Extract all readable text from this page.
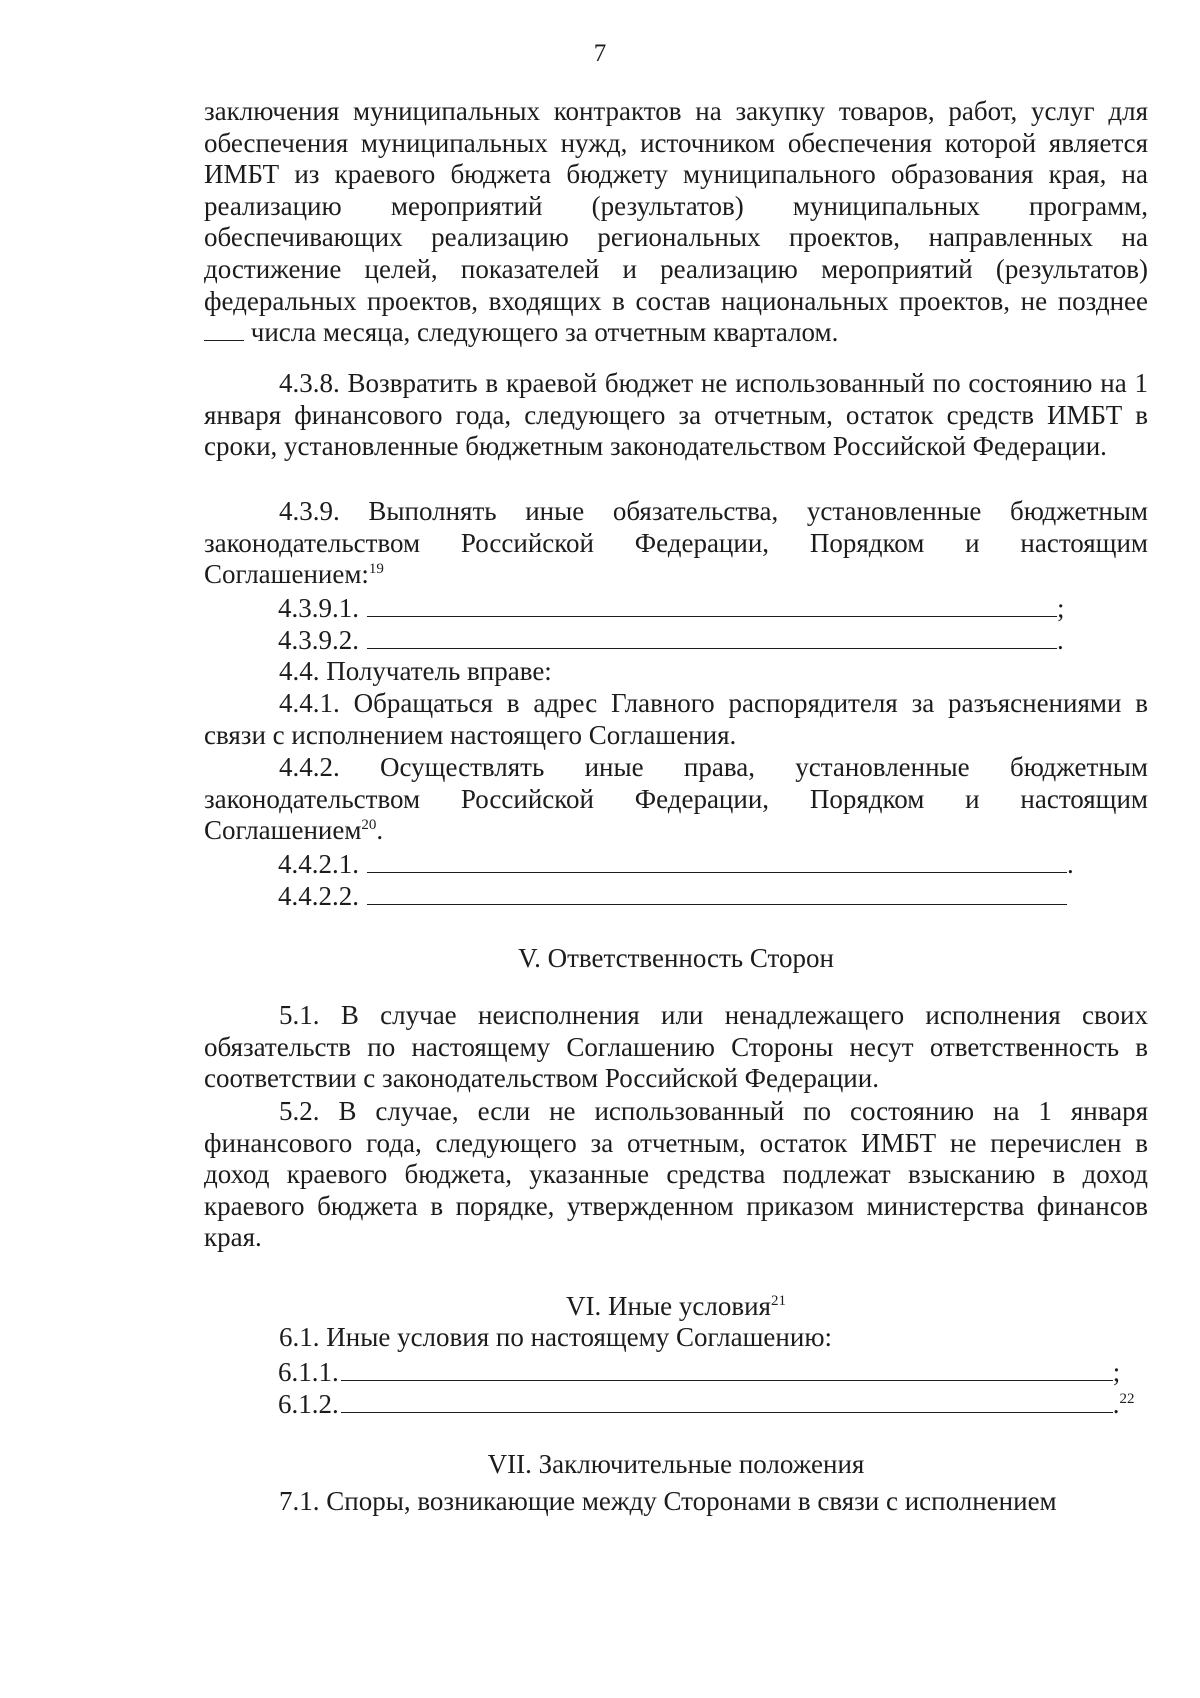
7

заключения муниципальных контрактов на закупку товаров, работ, услуг для обеспечения муниципальных нужд, источником обеспечения которой является ИМБТ из краевого бюджета бюджету муниципального образования края, на реализацию мероприятий (результатов) муниципальных программ, обеспечивающих реализацию региональных проектов, направленных на достижение целей, показателей и реализацию мероприятий (результатов) федеральных проектов, входящих в состав национальных проектов, не позднее  числа месяца, следующего за отчетным кварталом.

4.3.8. Возвратить в краевой бюджет не использованный по состоянию на 1 января финансового года, следующего за отчетным, остаток средств ИМБТ в сроки, установленные бюджетным законодательством Российской Федерации.

4.3.9. Выполнять иные обязательства, установленные бюджетным законодательством Российской Федерации, Порядком и настоящим Соглашением:$^{19}$

4.3.9.1.	;
4.3.9.2.	.

4.4. Получатель вправе:

4.4.1. Обращаться в адрес Главного распорядителя за разъяснениями в связи с исполнением настоящего Соглашения.

4.4.2. Осуществлять иные права, установленные бюджетным законодательством Российской Федерации, Порядком и настоящим Соглашением$^{20}$.

4.4.2.1.	.
4.4.2.2.
V. Ответственность Сторон

5.1. В случае неисполнения или ненадлежащего исполнения своих обязательств по настоящему Соглашению Стороны несут ответственность в соответствии с законодательством Российской Федерации.

5.2. В случае, если не использованный по состоянию на 1 января финансового года, следующего за отчетным, остаток ИМБТ не перечислен в доход краевого бюджета, указанные средства подлежат взысканию в доход краевого бюджета в порядке, утвержденном приказом министерства финансов края.

VI. Иные условия$^{21}$

6.1. Иные условия по настоящему Соглашению:

6.1.1.	;
6.1.2.	.$^{22}$
VII. Заключительные положения

7.1. Споры, возникающие между Сторонами в связи с исполнением
